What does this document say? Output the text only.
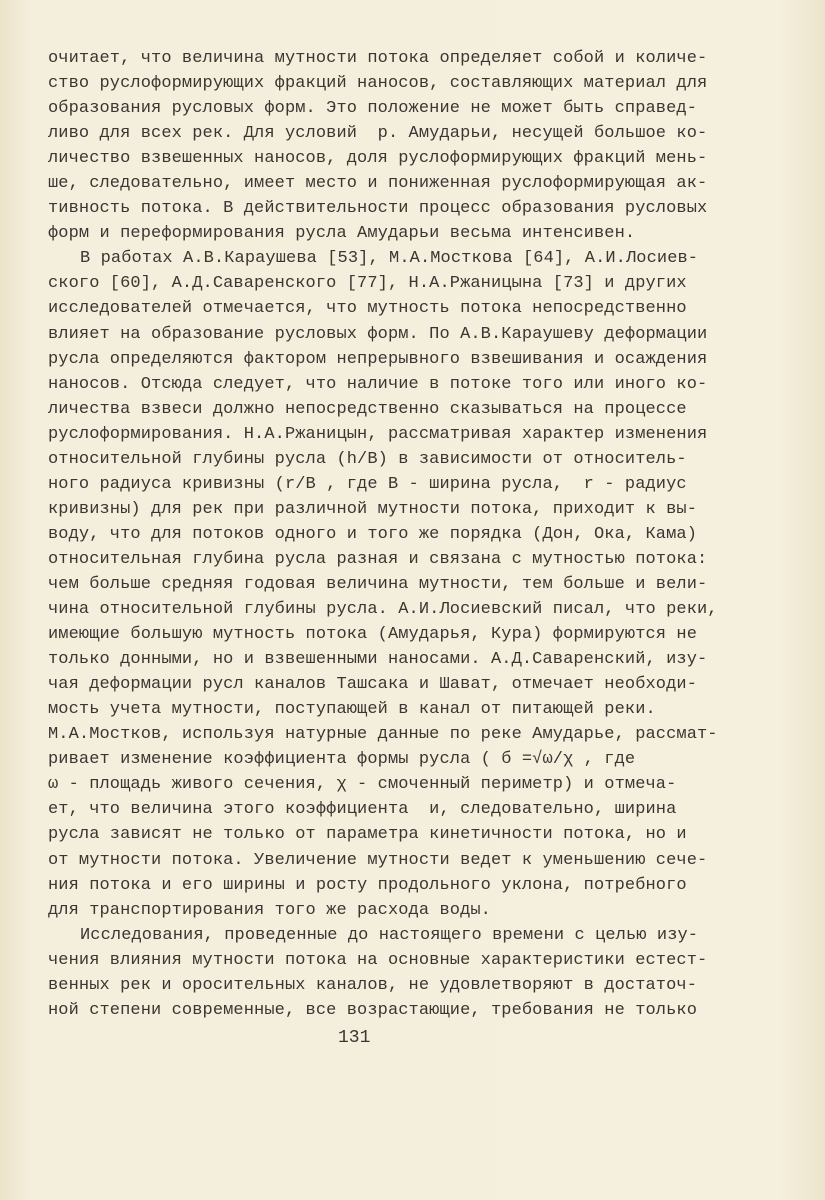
очитает, что величина мутности потока определяет собой и количе-
ство руслоформирующих фракций наносов, составляющих материал для
образования русловых форм. Это положение не может быть справед-
ливо для всех рек. Для условий  р. Амударьи, несущей большое ко-
личество взвешенных наносов, доля руслоформирующих фракций мень-
ше, следовательно, имеет место и пониженная руслоформирующая ак-
тивность потока. В действительности процесс образования русловых
форм и переформирования русла Амударьи весьма интенсивен.
В работах А.В.Караушева [53], М.А.Мосткова [64], А.И.Лосиев-
ского [60], А.Д.Саваренского [77], Н.А.Ржаницына [73] и других
исследователей отмечается, что мутность потока непосредственно
влияет на образование русловых форм. По А.В.Караушеву деформации
русла определяются фактором непрерывного взвешивания и осаждения
наносов. Отсюда следует, что наличие в потоке того или иного ко-
личества взвеси должно непосредственно сказываться на процессе
руслоформирования. Н.А.Ржаницын, рассматривая характер изменения
относительной глубины русла (h/B) в зависимости от относитель-
ного радиуса кривизны (r/B , где В - ширина русла,  r - радиус
кривизны) для рек при различной мутности потока, приходит к вы-
воду, что для потоков одного и того же порядка (Дон, Ока, Кама)
относительная глубина русла разная и связана с мутностью потока:
чем больше средняя годовая величина мутности, тем больше и вели-
чина относительной глубины русла. А.И.Лосиевский писал, что реки,
имеющие большую мутность потока (Амударья, Кура) формируются не
только донными, но и взвешенными наносами. А.Д.Саваренский, изу-
чая деформации русл каналов Ташсака и Шават, отмечает необходи-
мость учета мутности, поступающей в канал от питающей реки.
М.А.Мостков, используя натурные данные по реке Амударье, рассмат-
ривает изменение коэффициента формы русла ( б =√ω/χ , где
ω - площадь живого сечения, χ - смоченный периметр) и отмеча-
ет, что величина этого коэффициента  и, следовательно, ширина
русла зависят не только от параметра кинетичности потока, но и
от мутности потока. Увеличение мутности ведет к уменьшению сече-
ния потока и его ширины и росту продольного уклона, потребного
для транспортирования того же расхода воды.
Исследования, проведенные до настоящего времени с целью изу-
чения влияния мутности потока на основные характеристики естест-
венных рек и оросительных каналов, не удовлетворяют в достаточ-
ной степени современные, все возрастающие, требования не только
131
